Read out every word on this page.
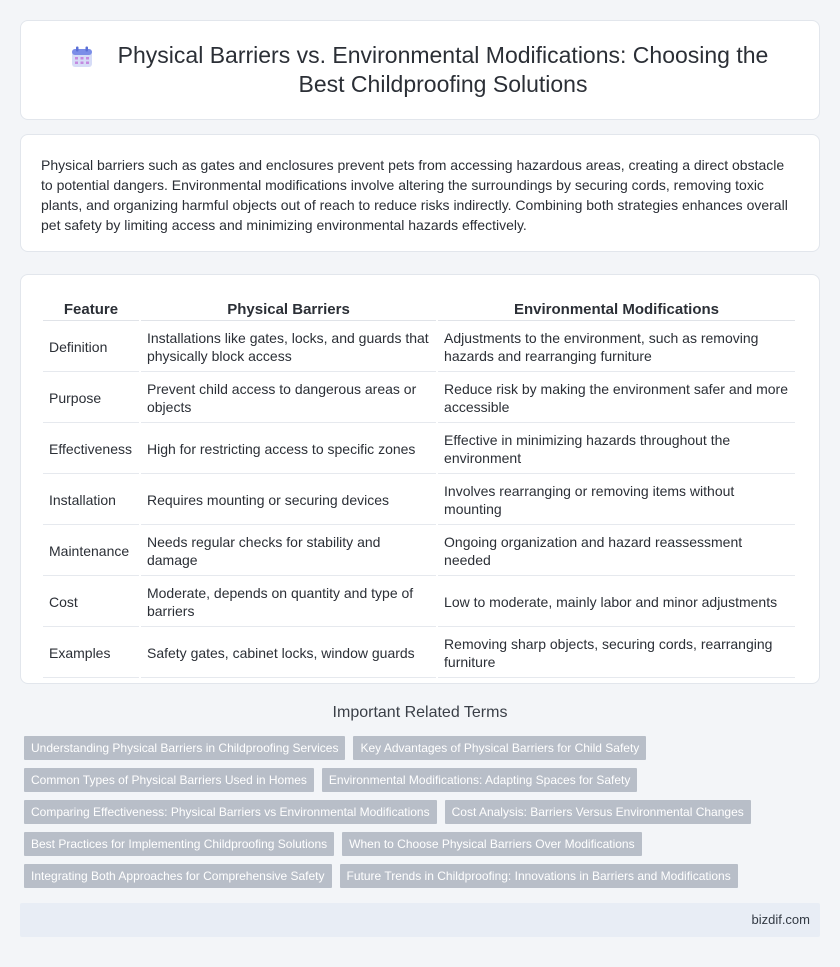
Physical Barriers vs. Environmental Modifications: Choosing the Best Childproofing Solutions

Physical barriers such as gates and enclosures prevent pets from accessing hazardous areas, creating a direct obstacle to potential dangers. Environmental modifications involve altering the surroundings by securing cords, removing toxic plants, and organizing harmful objects out of reach to reduce risks indirectly. Combining both strategies enhances overall pet safety by limiting access and minimizing environmental hazards effectively.

Feature	Physical Barriers	Environmental Modifications
Definition	Installations like gates, locks, and guards that physically block access	Adjustments to the environment, such as removing hazards and rearranging furniture
Purpose	Prevent child access to dangerous areas or objects	Reduce risk by making the environment safer and more accessible
Effectiveness	High for restricting access to specific zones	Effective in minimizing hazards throughout the environment
Installation	Requires mounting or securing devices	Involves rearranging or removing items without mounting
Maintenance	Needs regular checks for stability and damage	Ongoing organization and hazard reassessment needed
Cost	Moderate, depends on quantity and type of barriers	Low to moderate, mainly labor and minor adjustments
Examples	Safety gates, cabinet locks, window guards	Removing sharp objects, securing cords, rearranging furniture
Important Related Terms
Understanding Physical Barriers in Childproofing Services	Key Advantages of Physical Barriers for Child Safety
Common Types of Physical Barriers Used in Homes	Environmental Modifications: Adapting Spaces for Safety
Comparing Effectiveness: Physical Barriers vs Environmental Modifications	Cost Analysis: Barriers Versus Environmental Changes
Best Practices for Implementing Childproofing Solutions	When to Choose Physical Barriers Over Modifications
Integrating Both Approaches for Comprehensive Safety	Future Trends in Childproofing: Innovations in Barriers and Modifications
bizdif.com
